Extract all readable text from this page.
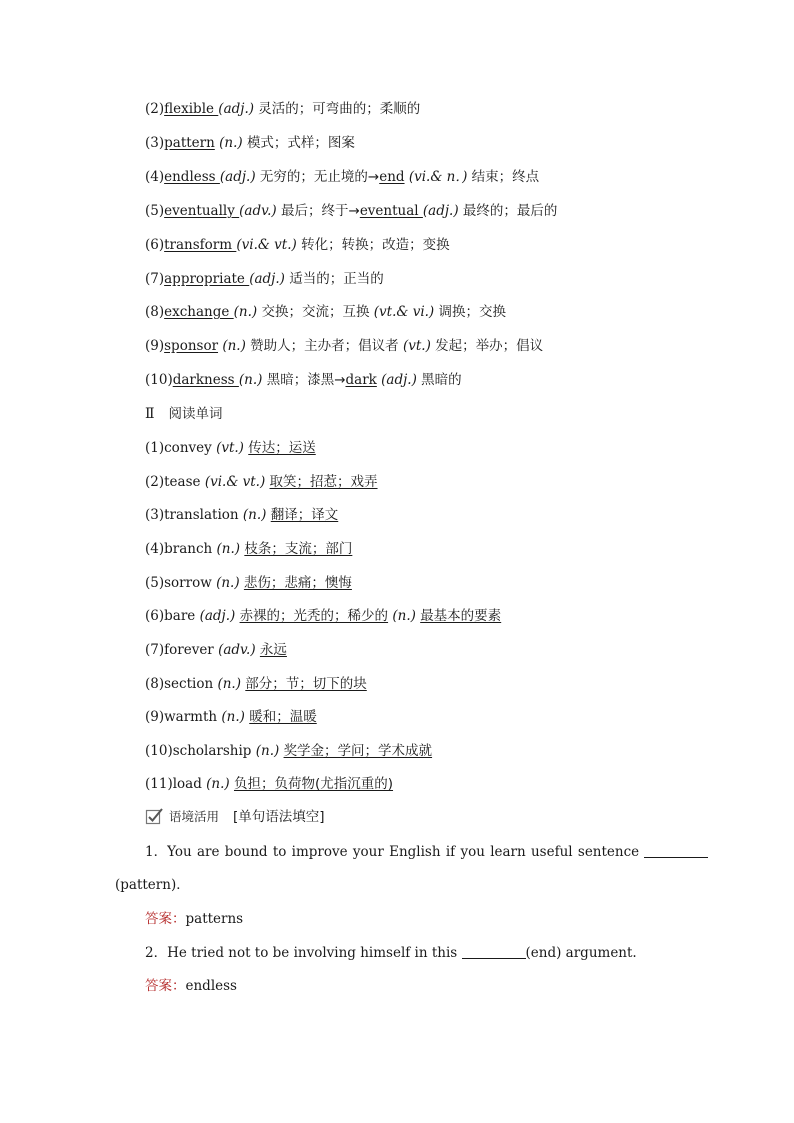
(2)flexible (adj.) 灵活的；可弯曲的；柔顺的
(3)pattern (n.) 模式；式样；图案
(4)endless (adj.) 无穷的；无止境的→end (vi.& n．) 结束；终点
(5)eventually (adv.) 最后；终于→eventual (adj.) 最终的；最后的
(6)transform (vi.& vt.) 转化；转换；改造；变换
(7)appropriate (adj.) 适当的；正当的
(8)exchange (n.) 交换；交流；互换 (vt.& vi.) 调换；交换
(9)sponsor (n.) 赞助人；主办者；倡议者 (vt.) 发起；举办；倡议
(10)darkness (n.) 黑暗；漆黑→dark (adj.) 黑暗的
Ⅱ 阅读单词
(1)convey (vt.) 传达；运送
(2)tease (vi.& vt.) 取笑；招惹；戏弄
(3)translation (n.) 翻译；译文
(4)branch (n.) 枝条；支流；部门
(5)sorrow (n.) 悲伤；悲痛；懊悔
(6)bare (adj.) 赤裸的；光秃的；稀少的 (n.) 最基本的要素
(7)forever (adv.) 永远
(8)section (n.) 部分；节；切下的块
(9)warmth (n.) 暖和；温暖
(10)scholarship (n.) 奖学金；学问；学术成就
(11)load (n.) 负担；负荷物(尤指沉重的)
语境活用 [单句语法填空]
1．You are bound to improve your English if you learn useful sentence
(pattern)．
答案：patterns
2．He tried not to be involving himself in this	(end) argument.
答案：endless
